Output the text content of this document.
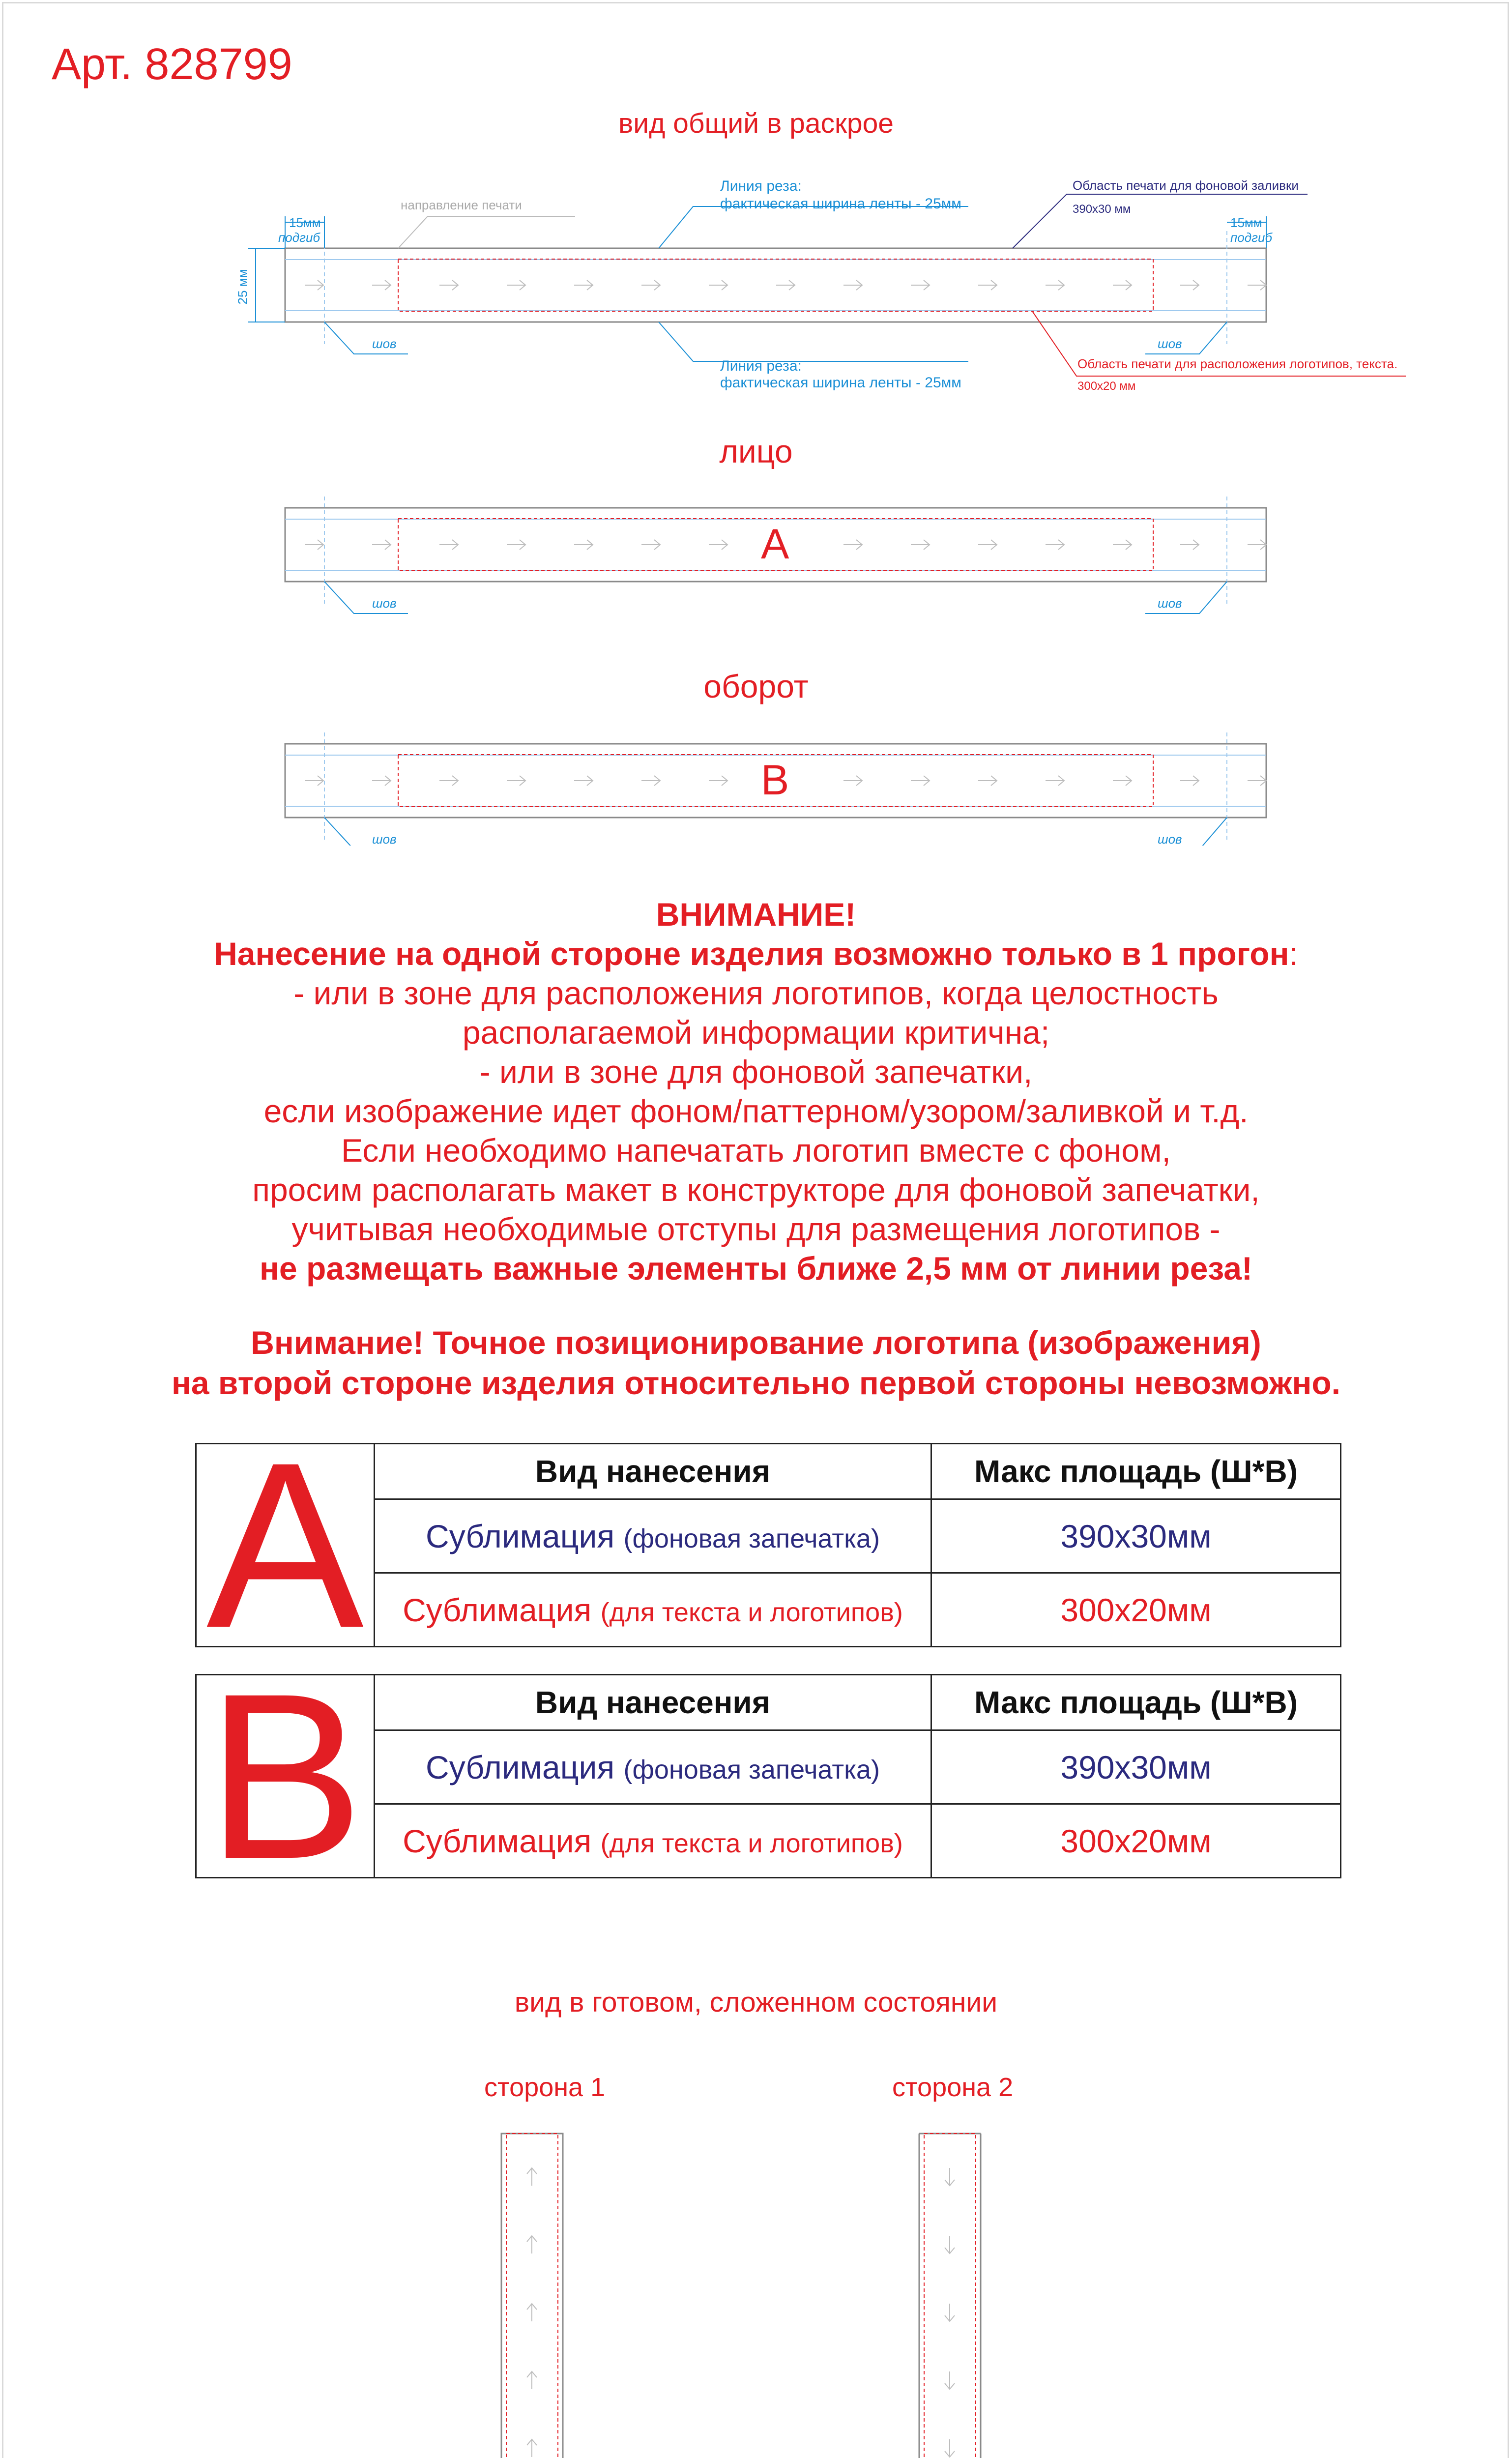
Арт. 828799
вид общий в раскрое
Линия реза:
фактическая ширина ленты - 25мм
Линия реза:
фактическая ширина ленты - 25мм
направление печати
Область печати для фоновой заливки
390x30 мм
Область печати для расположения логотипов, текста.
300x20 мм
15мм
подгиб
15мм
подгиб
25 мм
шов	шов
лицо
A
шов	шов
оборот
B
шов	шов
ВНИМАНИЕ!
Нанесение на одной стороне изделия возможно только в 1 прогон:
- или в зоне для расположения логотипов, когда целостность
располагаемой информации критична;
- или в зоне для фоновой запечатки,
если изображение идет фоном/паттерном/узором/заливкой и т.д.
Если необходимо напечатать логотип вместе с фоном,
просим располагать макет в конструкторе для фоновой запечатки,
учитывая необходимые отступы для размещения логотипов -
не размещать важные элементы ближе 2,5 мм от линии реза!
Внимание! Точное позиционирование логотипа (изображения)
на второй стороне изделия относительно первой стороны невозможно.
A	Вид нанесения	Макс площадь (Ш*В)
	Сублимация (фоновая запечатка)	390x30мм
	Сублимация (для текста и логотипов)	300x20мм
B	Вид нанесения	Макс площадь (Ш*В)
	Сублимация (фоновая запечатка)	390x30мм
	Сублимация (для текста и логотипов)	300x20мм
вид в готовом, сложенном состоянии
сторона 1	сторона 2
